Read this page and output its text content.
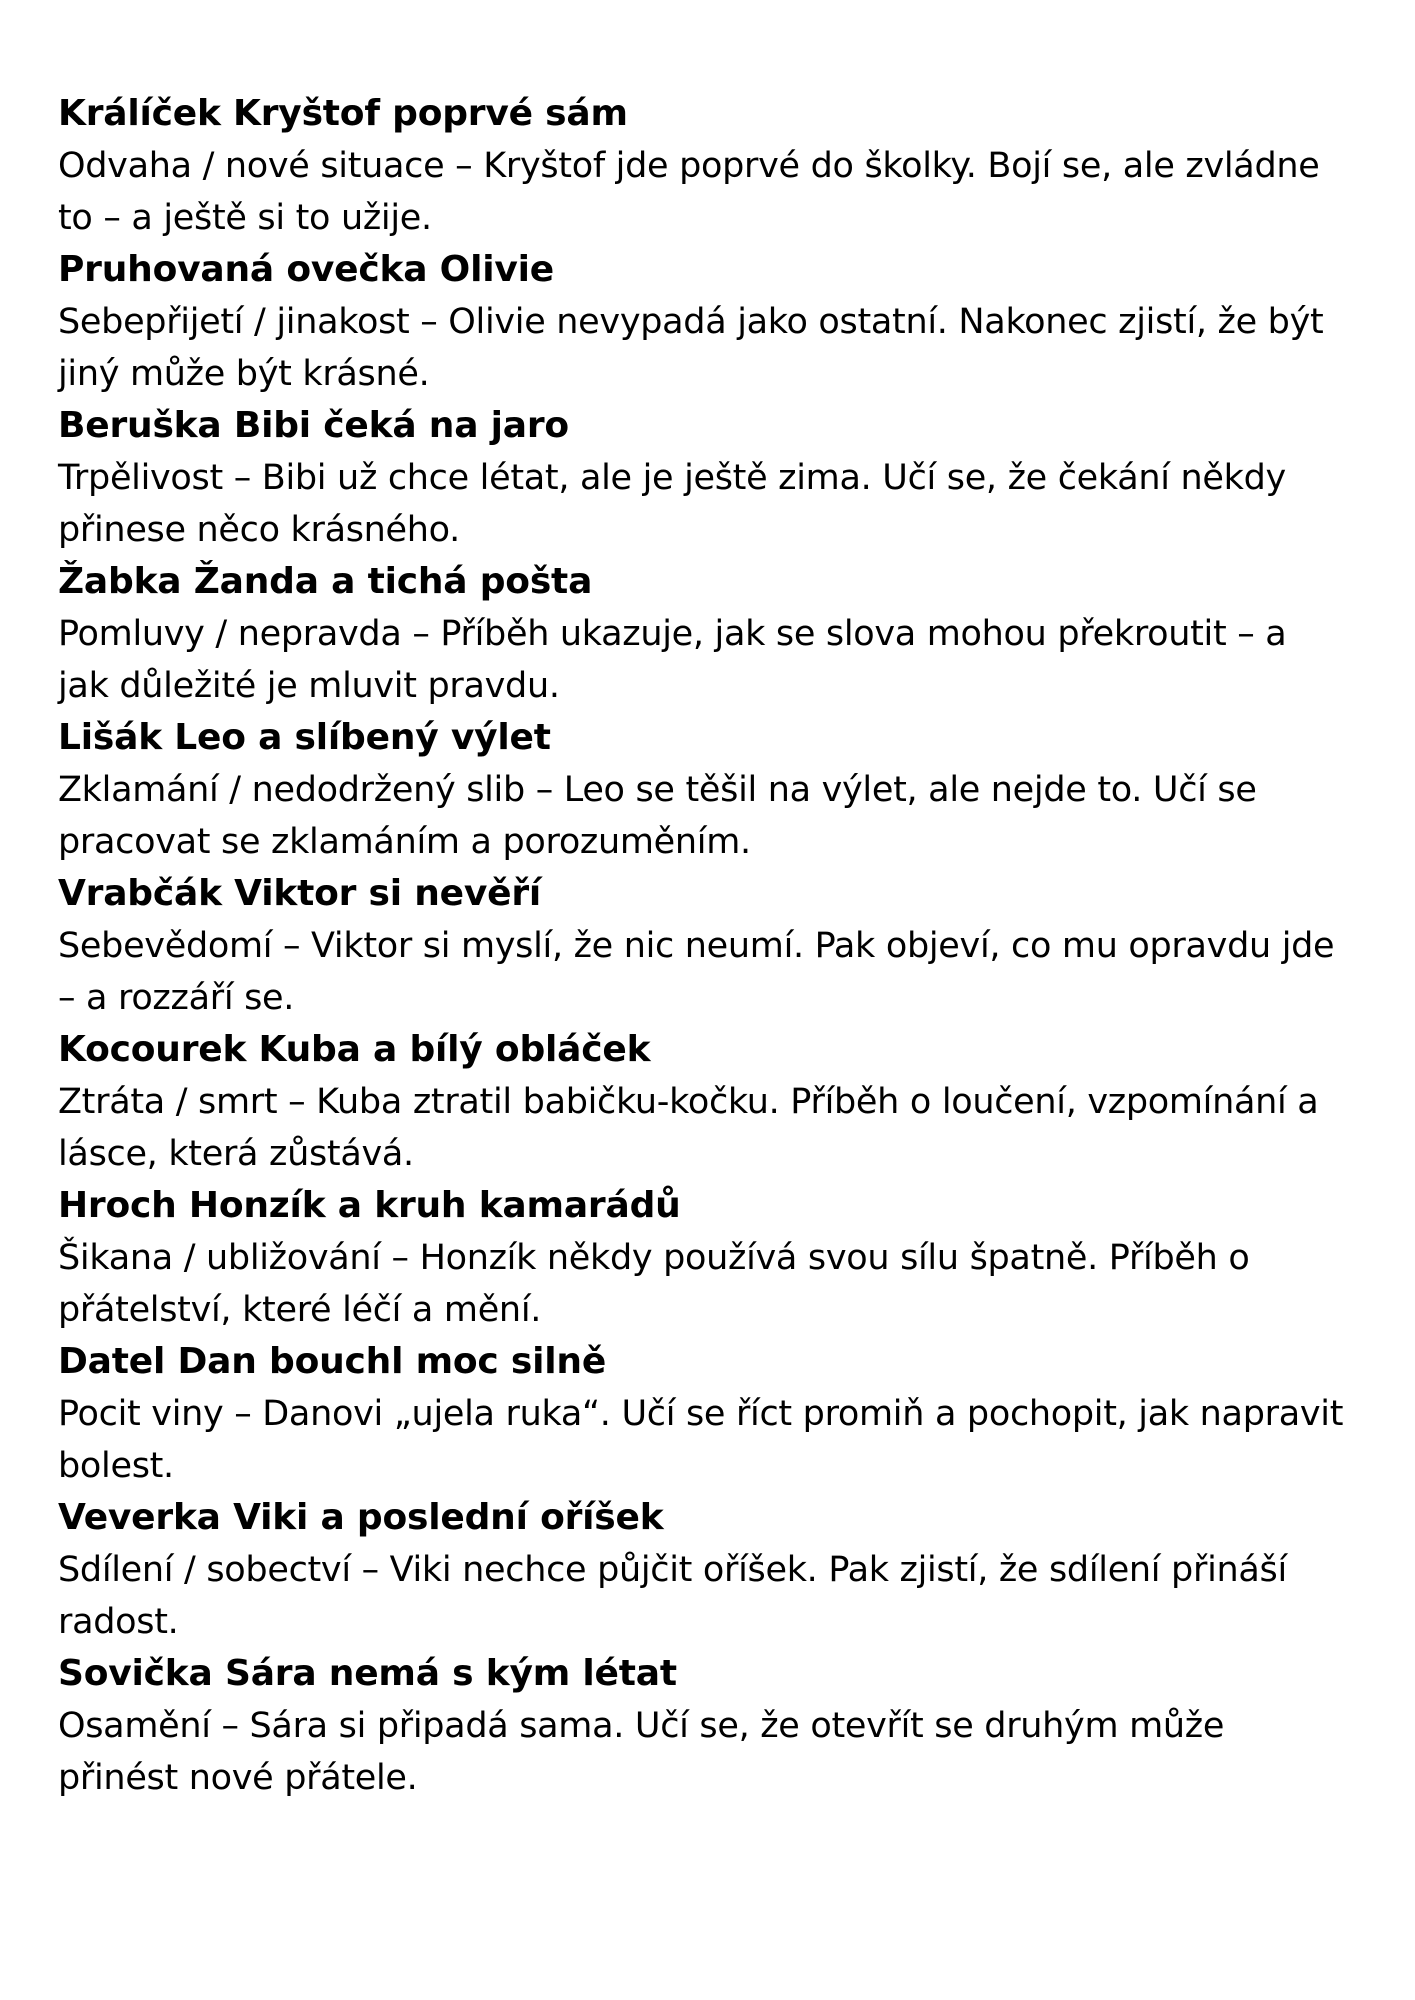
Králíček Kryštof poprvé sám
Odvaha / nové situace – Kryštof jde poprvé do školky. Bojí se, ale zvládne
to – a ještě si to užije.
Pruhovaná ovečka Olivie
Sebepřijetí / jinakost – Olivie nevypadá jako ostatní. Nakonec zjistí, že být
jiný může být krásné.
Beruška Bibi čeká na jaro
Trpělivost – Bibi už chce létat, ale je ještě zima. Učí se, že čekání někdy
přinese něco krásného.
Žabka Žanda a tichá pošta
Pomluvy / nepravda – Příběh ukazuje, jak se slova mohou překroutit – a
jak důležité je mluvit pravdu.
Lišák Leo a slíbený výlet
Zklamání / nedodržený slib – Leo se těšil na výlet, ale nejde to. Učí se
pracovat se zklamáním a porozuměním.
Vrabčák Viktor si nevěří
Sebevědomí – Viktor si myslí, že nic neumí. Pak objeví, co mu opravdu jde
– a rozzáří se.
Kocourek Kuba a bílý obláček
Ztráta / smrt – Kuba ztratil babičku-kočku. Příběh o loučení, vzpomínání a
lásce, která zůstává.
Hroch Honzík a kruh kamarádů
Šikana / ubližování – Honzík někdy používá svou sílu špatně. Příběh o
přátelství, které léčí a mění.
Datel Dan bouchl moc silně
Pocit viny – Danovi „ujela ruka“. Učí se říct promiň a pochopit, jak napravit
bolest.
Veverka Viki a poslední oříšek
Sdílení / sobectví – Viki nechce půjčit oříšek. Pak zjistí, že sdílení přináší
radost.
Sovička Sára nemá s kým létat
Osamění – Sára si připadá sama. Učí se, že otevřít se druhým může
přinést nové přátele.
